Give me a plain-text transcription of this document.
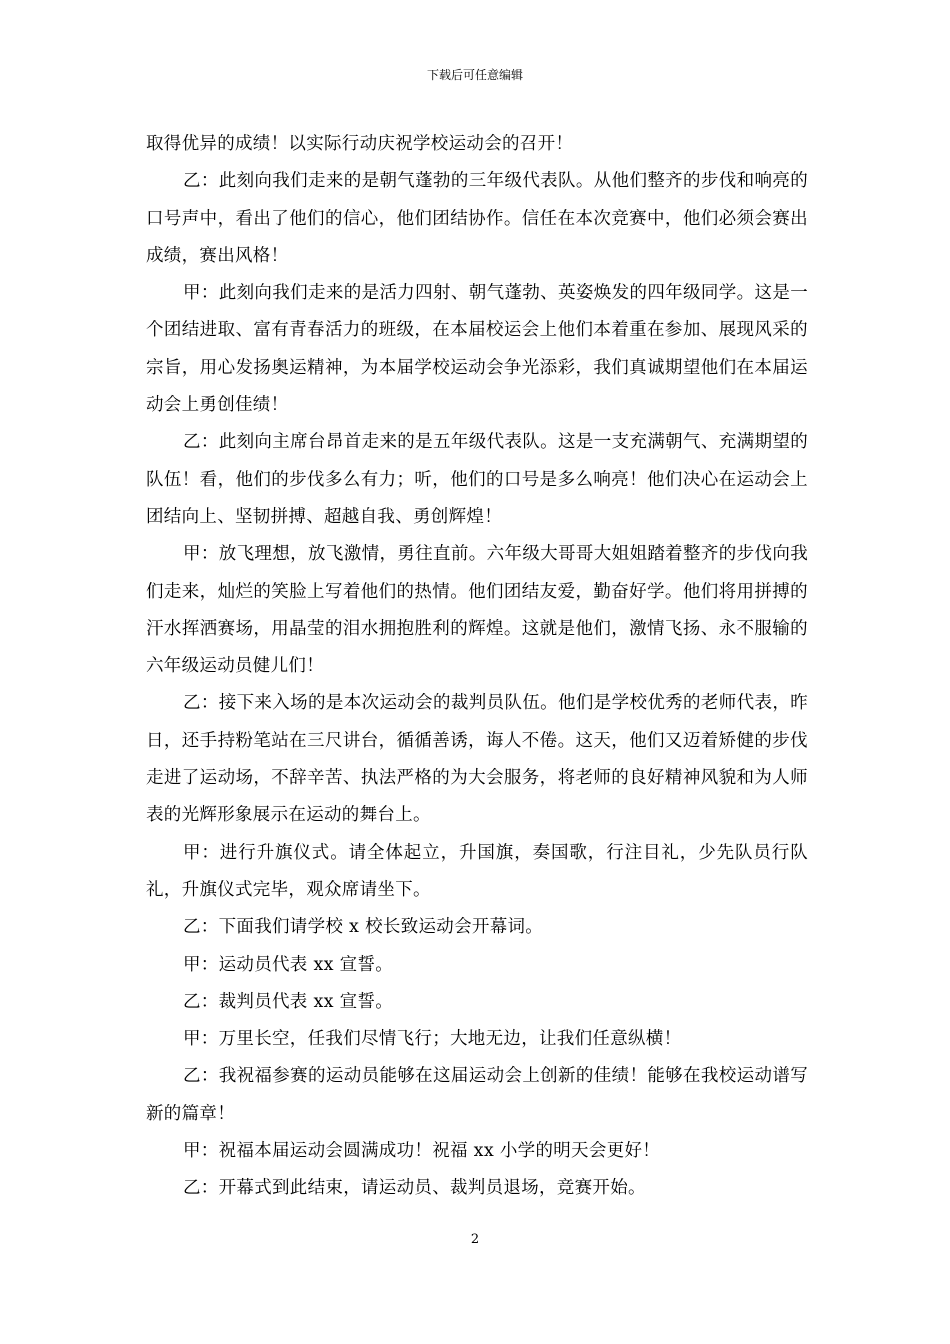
下载后可任意编辑

取得优异的成绩！以实际行动庆祝学校运动会的召开！

乙：此刻向我们走来的是朝气蓬勃的三年级代表队。从他们整齐的步伐和响亮的口号声中，看出了他们的信心，他们团结协作。信任在本次竞赛中，他们必须会赛出成绩，赛出风格！

甲：此刻向我们走来的是活力四射、朝气蓬勃、英姿焕发的四年级同学。这是一个团结进取、富有青春活力的班级，在本届校运会上他们本着重在参加、展现风采的宗旨，用心发扬奥运精神，为本届学校运动会争光添彩，我们真诚期望他们在本届运动会上勇创佳绩！

乙：此刻向主席台昂首走来的是五年级代表队。这是一支充满朝气、充满期望的队伍！看，他们的步伐多么有力；听，他们的口号是多么响亮！他们决心在运动会上团结向上、坚韧拼搏、超越自我、勇创辉煌！

甲：放飞理想，放飞激情，勇往直前。六年级大哥哥大姐姐踏着整齐的步伐向我们走来，灿烂的笑脸上写着他们的热情。他们团结友爱，勤奋好学。他们将用拼搏的汗水挥洒赛场，用晶莹的泪水拥抱胜利的辉煌。这就是他们，激情飞扬、永不服输的六年级运动员健儿们！

乙：接下来入场的是本次运动会的裁判员队伍。他们是学校优秀的老师代表，昨日，还手持粉笔站在三尺讲台，循循善诱，诲人不倦。这天，他们又迈着矫健的步伐走进了运动场，不辞辛苦、执法严格的为大会服务，将老师的良好精神风貌和为人师表的光辉形象展示在运动的舞台上。

甲：进行升旗仪式。请全体起立，升国旗，奏国歌，行注目礼，少先队员行队礼，升旗仪式完毕，观众席请坐下。

乙：下面我们请学校 x 校长致运动会开幕词。

甲：运动员代表 xx 宣誓。

乙：裁判员代表 xx 宣誓。

甲：万里长空，任我们尽情飞行；大地无边，让我们任意纵横！

乙：我祝福参赛的运动员能够在这届运动会上创新的佳绩！能够在我校运动谱写新的篇章！

甲：祝福本届运动会圆满成功！祝福 xx 小学的明天会更好！

乙：开幕式到此结束，请运动员、裁判员退场，竞赛开始。

2
